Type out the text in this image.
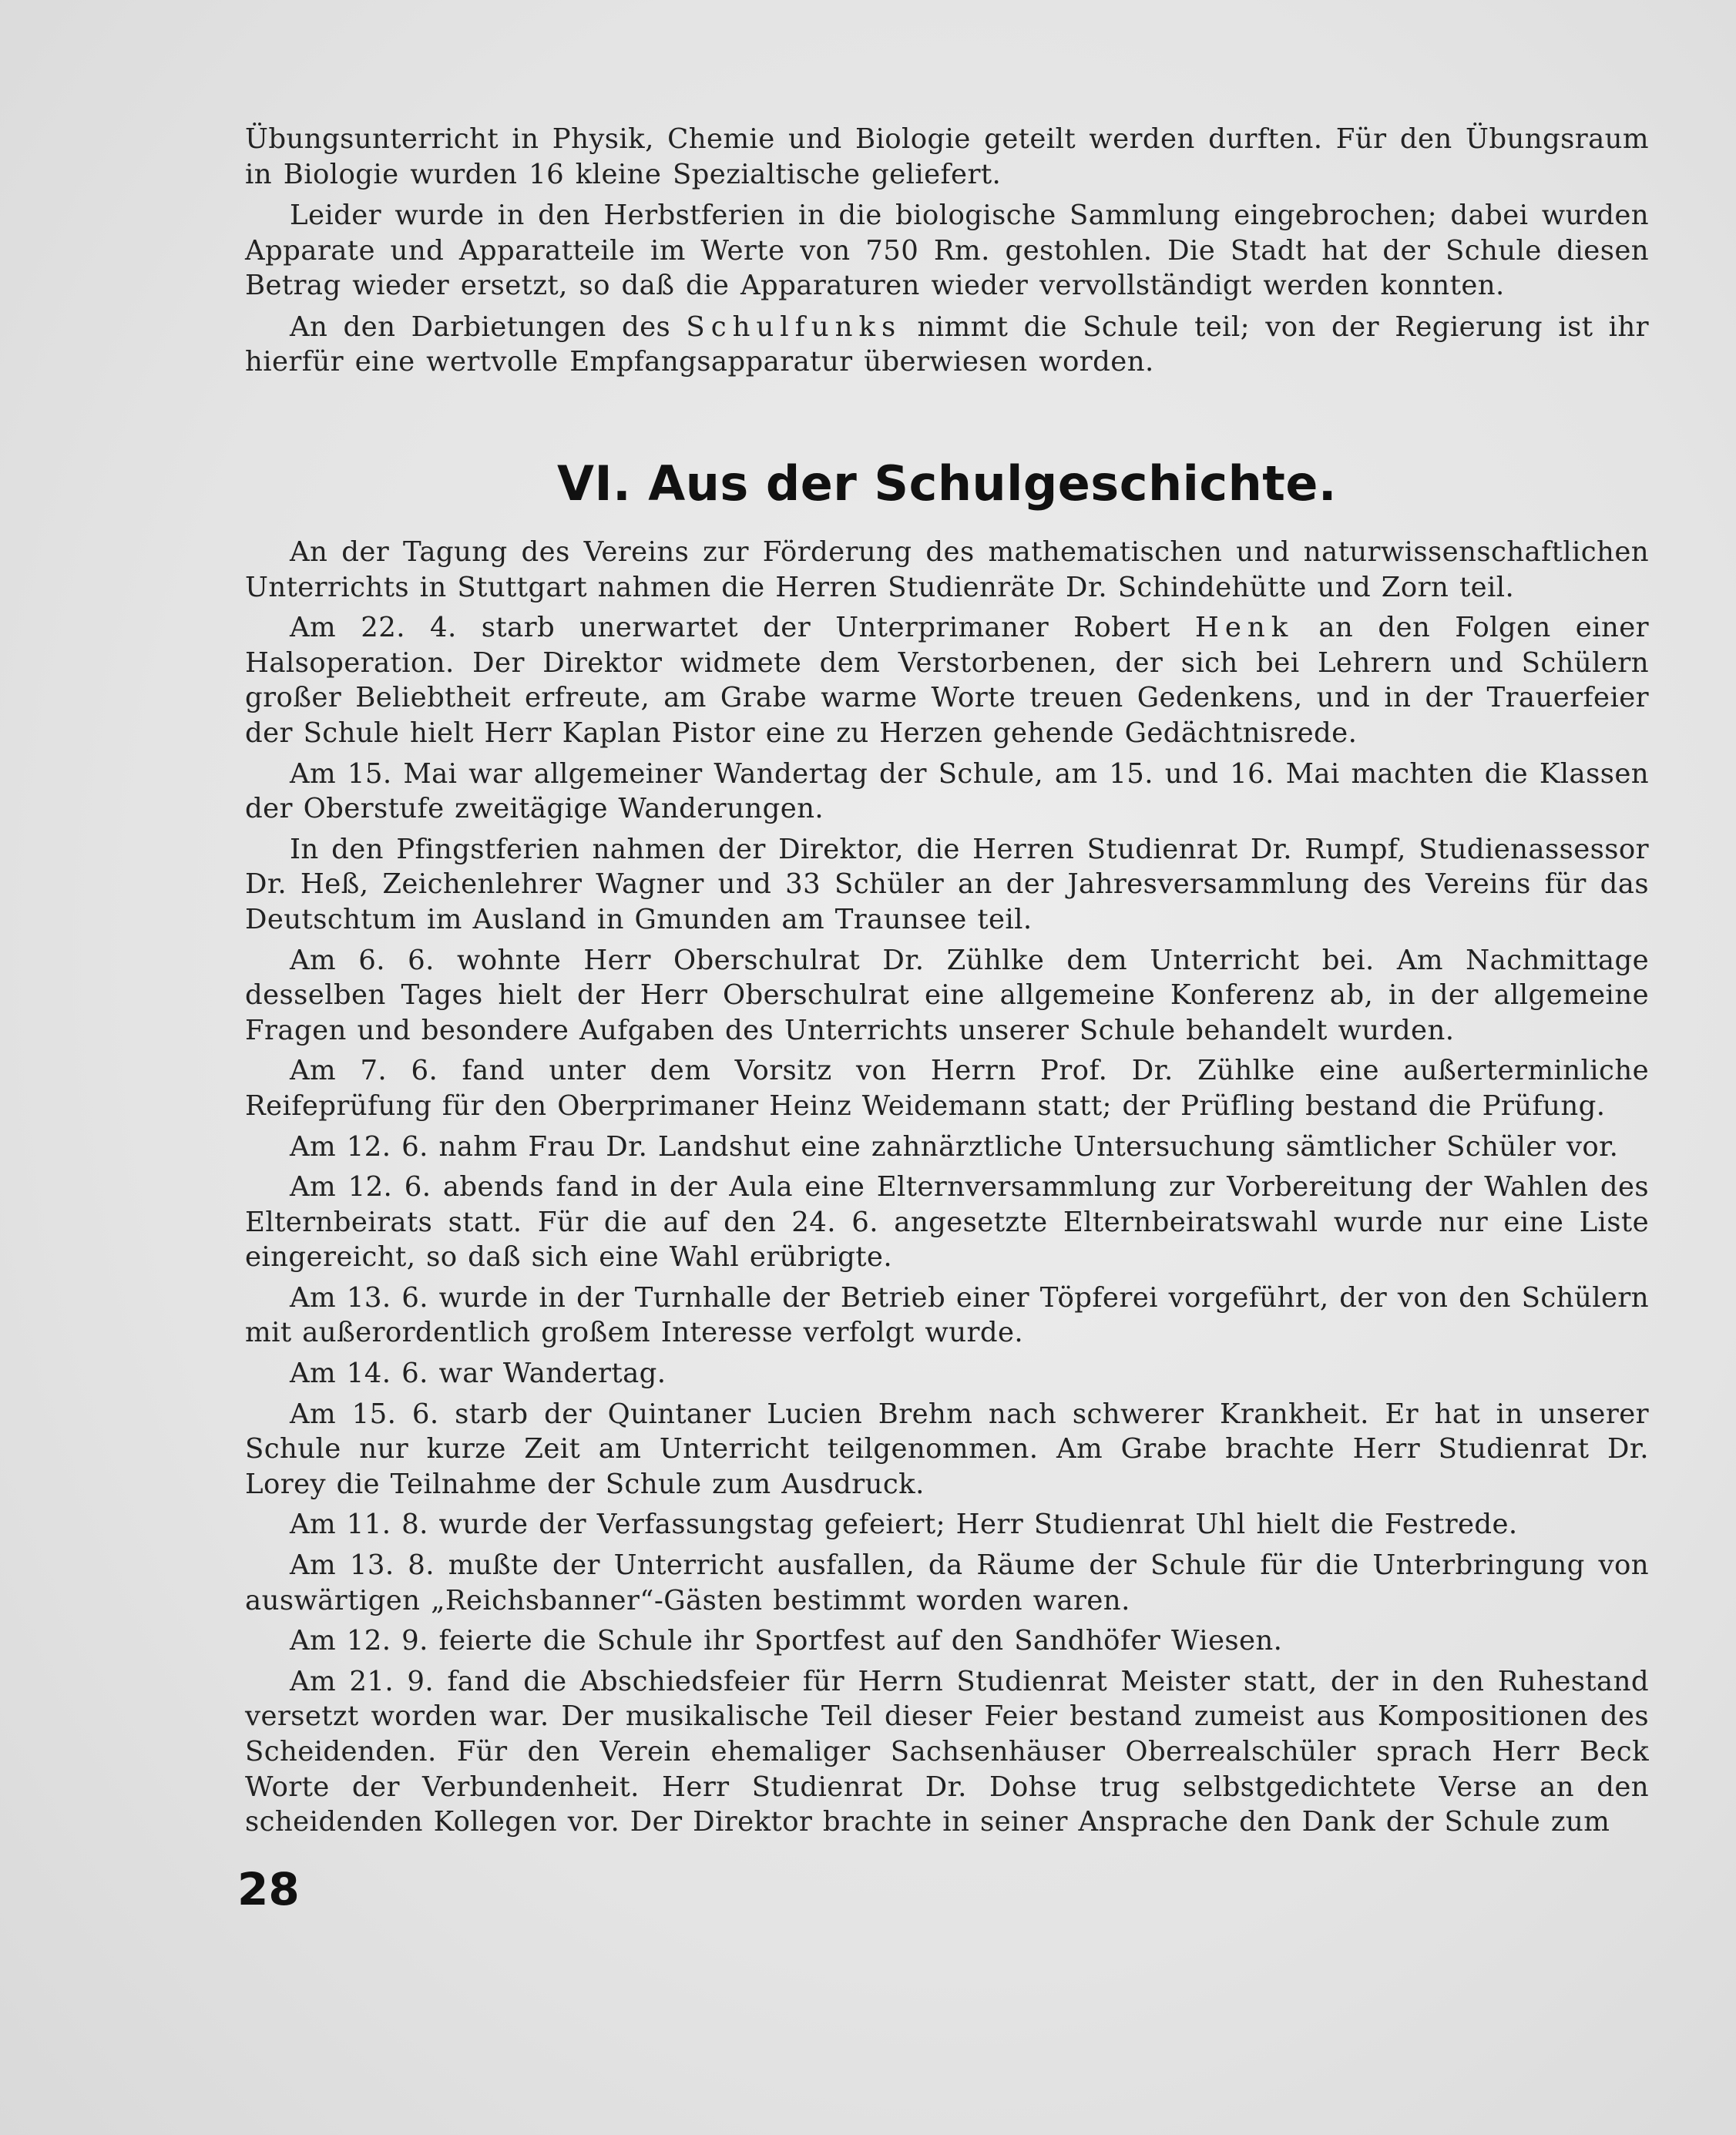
Übungsunterricht in Physik, Chemie und Biologie geteilt werden durften. Für den Übungsraum in Biologie wurden 16 kleine Spezialtische geliefert.

Leider wurde in den Herbstferien in die biologische Sammlung eingebrochen; dabei wurden Apparate und Apparatteile im Werte von 750 Rm. gestohlen. Die Stadt hat der Schule diesen Betrag wieder ersetzt, so daß die Apparaturen wieder vervollständigt werden konnten.

An den Darbietungen des Schulfunks nimmt die Schule teil; von der Regierung ist ihr hierfür eine wertvolle Empfangsapparatur überwiesen worden.

VI. Aus der Schulgeschichte.

An der Tagung des Vereins zur Förderung des mathematischen und naturwissenschaftlichen Unterrichts in Stuttgart nahmen die Herren Studienräte Dr. Schindehütte und Zorn teil.

Am 22. 4. starb unerwartet der Unterprimaner Robert Henk an den Folgen einer Halsoperation. Der Direktor widmete dem Verstorbenen, der sich bei Lehrern und Schülern großer Beliebtheit erfreute, am Grabe warme Worte treuen Gedenkens, und in der Trauerfeier der Schule hielt Herr Kaplan Pistor eine zu Herzen gehende Gedächtnisrede.

Am 15. Mai war allgemeiner Wandertag der Schule, am 15. und 16. Mai machten die Klassen der Oberstufe zweitägige Wanderungen.

In den Pfingstferien nahmen der Direktor, die Herren Studienrat Dr. Rumpf, Studienassessor Dr. Heß, Zeichenlehrer Wagner und 33 Schüler an der Jahresversammlung des Vereins für das Deutschtum im Ausland in Gmunden am Traunsee teil.

Am 6. 6. wohnte Herr Oberschulrat Dr. Zühlke dem Unterricht bei. Am Nachmittage desselben Tages hielt der Herr Oberschulrat eine allgemeine Konferenz ab, in der allgemeine Fragen und besondere Aufgaben des Unterrichts unserer Schule behandelt wurden.

Am 7. 6. fand unter dem Vorsitz von Herrn Prof. Dr. Zühlke eine außerterminliche Reifeprüfung für den Oberprimaner Heinz Weidemann statt; der Prüfling bestand die Prüfung.

Am 12. 6. nahm Frau Dr. Landshut eine zahnärztliche Untersuchung sämtlicher Schüler vor.

Am 12. 6. abends fand in der Aula eine Elternversammlung zur Vorbereitung der Wahlen des Elternbeirats statt. Für die auf den 24. 6. angesetzte Elternbeiratswahl wurde nur eine Liste eingereicht, so daß sich eine Wahl erübrigte.

Am 13. 6. wurde in der Turnhalle der Betrieb einer Töpferei vorgeführt, der von den Schülern mit außerordentlich großem Interesse verfolgt wurde.

Am 14. 6. war Wandertag.

Am 15. 6. starb der Quintaner Lucien Brehm nach schwerer Krankheit. Er hat in unserer Schule nur kurze Zeit am Unterricht teilgenommen. Am Grabe brachte Herr Studienrat Dr. Lorey die Teilnahme der Schule zum Ausdruck.

Am 11. 8. wurde der Verfassungstag gefeiert; Herr Studienrat Uhl hielt die Festrede.

Am 13. 8. mußte der Unterricht ausfallen, da Räume der Schule für die Unterbringung von auswärtigen „Reichsbanner“-Gästen bestimmt worden waren.

Am 12. 9. feierte die Schule ihr Sportfest auf den Sandhöfer Wiesen.

Am 21. 9. fand die Abschiedsfeier für Herrn Studienrat Meister statt, der in den Ruhestand versetzt worden war. Der musikalische Teil dieser Feier bestand zumeist aus Kompositionen des Scheidenden. Für den Verein ehemaliger Sachsenhäuser Oberrealschüler sprach Herr Beck Worte der Verbundenheit. Herr Studienrat Dr. Dohse trug selbstgedichtete Verse an den scheidenden Kollegen vor. Der Direktor brachte in seiner Ansprache den Dank der Schule zum

28
